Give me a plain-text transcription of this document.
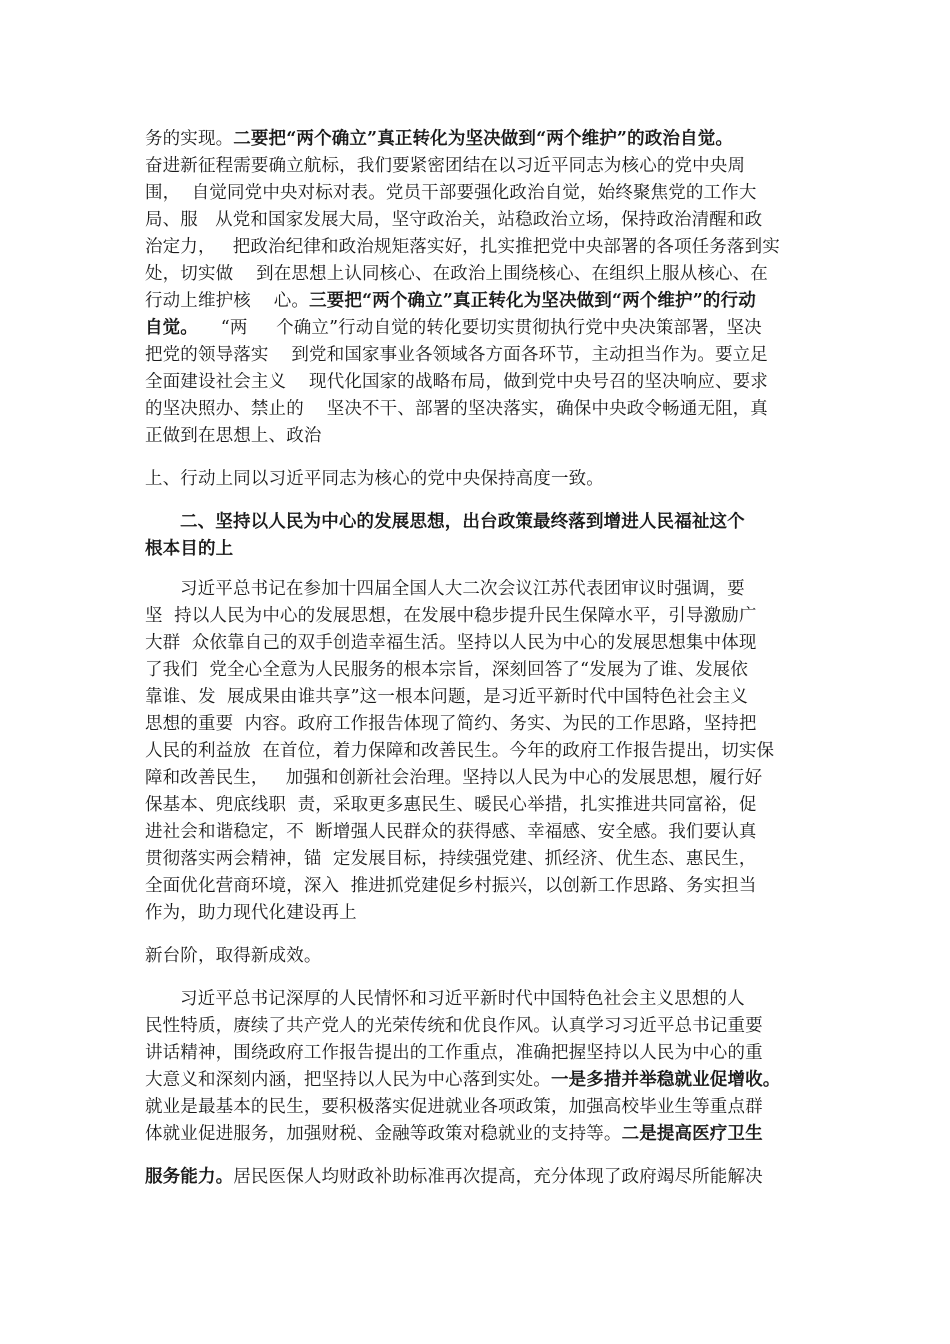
务的实现。二要把“两个确立”真正转化为坚决做到“两个维护”的政治自觉。
奋进新征程需要确立航标，我们要紧密团结在以习近平同志为核心的党中央周
围，  自觉同党中央对标对表。党员干部要强化政治自觉，始终聚焦党的工作大
局、服   从党和国家发展大局，坚守政治关，站稳政治立场，保持政治清醒和政
治定力，   把政治纪律和政治规矩落实好，扎实推把党中央部署的各项任务落到实
处，切实做    到在思想上认同核心、在政治上围绕核心、在组织上服从核心、在
行动上维护核    心。三要把“两个确立”真正转化为坚决做到“两个维护”的行动
自觉。    “两     个确立”行动自觉的转化要切实贯彻执行党中央决策部署，坚决
把党的领导落实    到党和国家事业各领域各方面各环节，主动担当作为。要立足
全面建设社会主义    现代化国家的战略布局，做到党中央号召的坚决响应、要求
的坚决照办、禁止的    坚决不干、部署的坚决落实，确保中央政令畅通无阻，真
正做到在思想上、政治
上、行动上同以习近平同志为核心的党中央保持高度一致。
二、坚持以人民为中心的发展思想，出台政策最终落到增进人民福祉这个
根本目的上
习近平总书记在参加十四届全国人大二次会议江苏代表团审议时强调，要
坚  持以人民为中心的发展思想，在发展中稳步提升民生保障水平，引导激励广
大群  众依靠自己的双手创造幸福生活。坚持以人民为中心的发展思想集中体现
了我们  党全心全意为人民服务的根本宗旨，深刻回答了“发展为了谁、发展依
靠谁、发  展成果由谁共享”这一根本问题，是习近平新时代中国特色社会主义
思想的重要  内容。政府工作报告体现了简约、务实、为民的工作思路，坚持把
人民的利益放  在首位，着力保障和改善民生。今年的政府工作报告提出，切实保
障和改善民生，   加强和创新社会治理。坚持以人民为中心的发展思想，履行好
保基本、兜底线职  责，采取更多惠民生、暖民心举措，扎实推进共同富裕，促
进社会和谐稳定，不  断增强人民群众的获得感、幸福感、安全感。我们要认真
贯彻落实两会精神，锚  定发展目标，持续强党建、抓经济、优生态、惠民生，
全面优化营商环境，深入  推进抓党建促乡村振兴，以创新工作思路、务实担当
作为，助力现代化建设再上
新台阶，取得新成效。
习近平总书记深厚的人民情怀和习近平新时代中国特色社会主义思想的人
民性特质，赓续了共产党人的光荣传统和优良作风。认真学习习近平总书记重要
讲话精神，围绕政府工作报告提出的工作重点，准确把握坚持以人民为中心的重
大意义和深刻内涵，把坚持以人民为中心落到实处。一是多措并举稳就业促增收。
就业是最基本的民生，要积极落实促进就业各项政策，加强高校毕业生等重点群
体就业促进服务，加强财税、金融等政策对稳就业的支持等。二是提高医疗卫生
服务能力。居民医保人均财政补助标准再次提高，充分体现了政府竭尽所能解决
